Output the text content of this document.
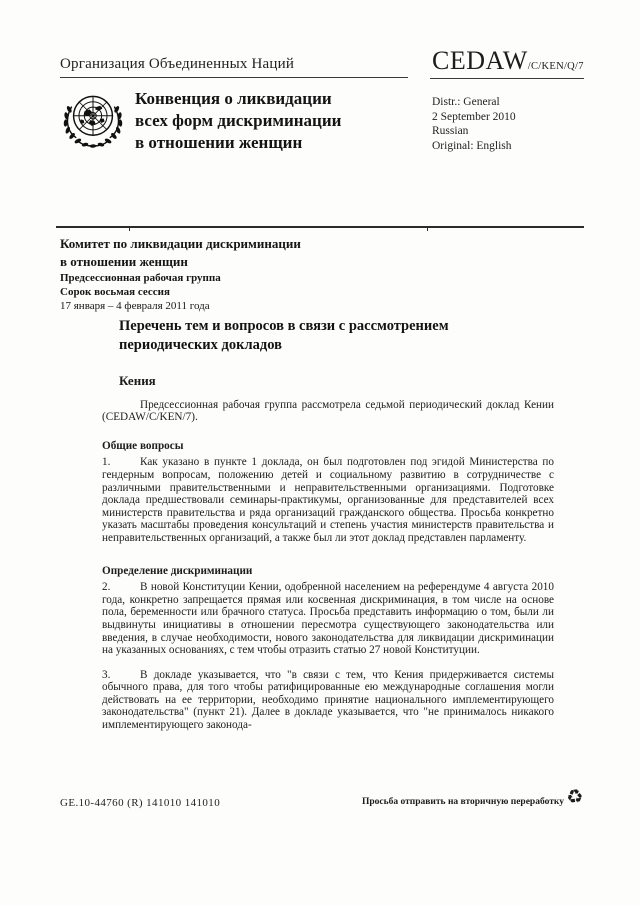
Организация Объединенных Наций	CEDAW/C/KEN/Q/7
Конвенция о ликвидации
всех форм дискриминации
в отношении женщин
Distr.: General
2 September 2010
Russian
Original: English
Комитет по ликвидации дискриминации
в отношении женщин
Предсессионная рабочая группа
Сорок восьмая сессия
17 января – 4 февраля 2011 года
Перечень тем и вопросов в связи с рассмотрением периодических докладов
Кения
Предсессионная рабочая группа рассмотрела седьмой периодический доклад Кении (CEDAW/C/KEN/7).
Общие вопросы
1.	Как указано в пункте 1 доклада, он был подготовлен под эгидой Министерства по гендерным вопросам, положению детей и социальному развитию в сотрудничестве с различными правительственными и неправительственными организациями. Подготовке доклада предшествовали семинары-практикумы, организованные для представителей всех министерств правительства и ряда организаций гражданского общества. Просьба конкретно указать масштабы проведения консультаций и степень участия министерств правительства и неправительственных организаций, а также был ли этот доклад представлен парламенту.
Определение дискриминации
2.	В новой Конституции Кении, одобренной населением на референдуме 4 августа 2010 года, конкретно запрещается прямая или косвенная дискриминация, в том числе на основе пола, беременности или брачного статуса. Просьба представить информацию о том, были ли выдвинуты инициативы в отношении пересмотра существующего законодательства или введения, в случае необходимости, нового законодательства для ликвидации дискриминации на указанных основаниях, с тем чтобы отразить статью 27 новой Конституции.
3.	В докладе указывается, что "в связи с тем, что Кения придерживается системы обычного права, для того чтобы ратифицированные ею международные соглашения могли действовать на ее территории, необходимо принятие национального имплементирующего законодательства" (пункт 21). Далее в докладе указывается, что "не принималось никакого имплементирующего законода-
GE.10-44760 (R) 141010 141010	Просьба отправить на вторичную переработку ♻
